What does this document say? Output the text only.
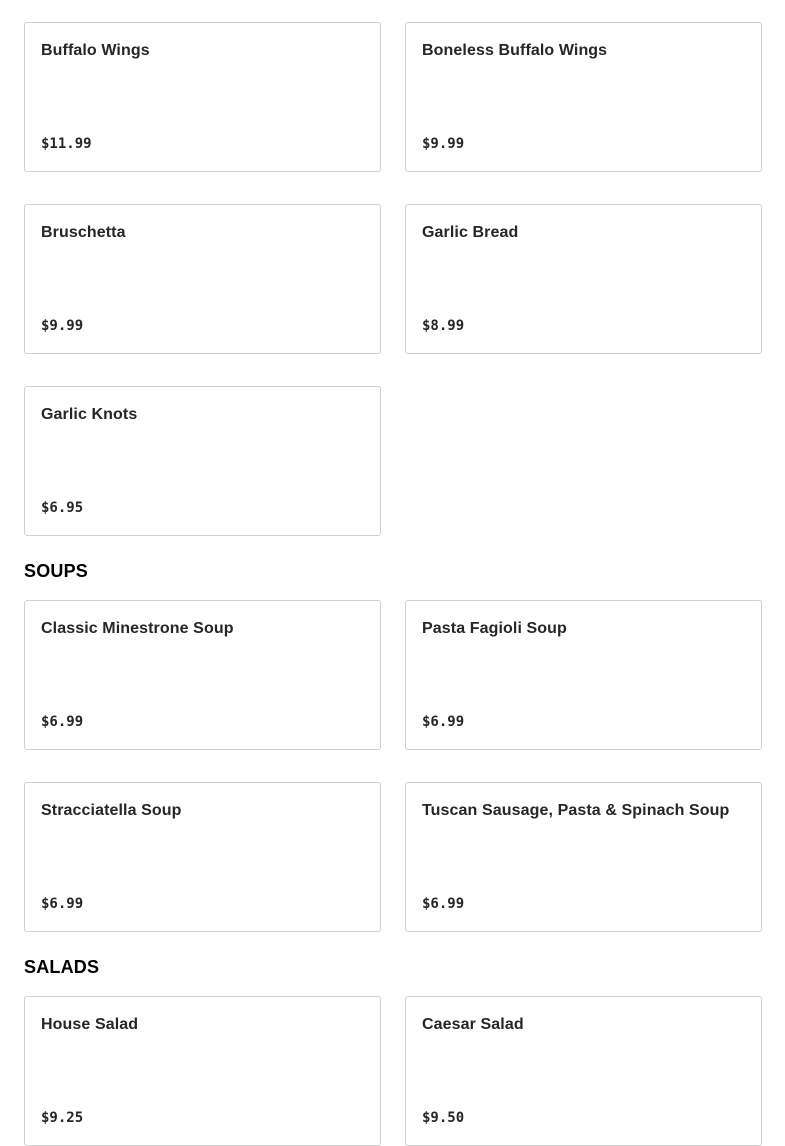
Buffalo Wings
$11.99
Boneless Buffalo Wings
$9.99
Bruschetta
$9.99
Garlic Bread
$8.99
Garlic Knots
$6.95
SOUPS
Classic Minestrone Soup
$6.99
Pasta Fagioli Soup
$6.99
Stracciatella Soup
$6.99
Tuscan Sausage, Pasta & Spinach Soup
$6.99
SALADS
House Salad
$9.25
Caesar Salad
$9.50
